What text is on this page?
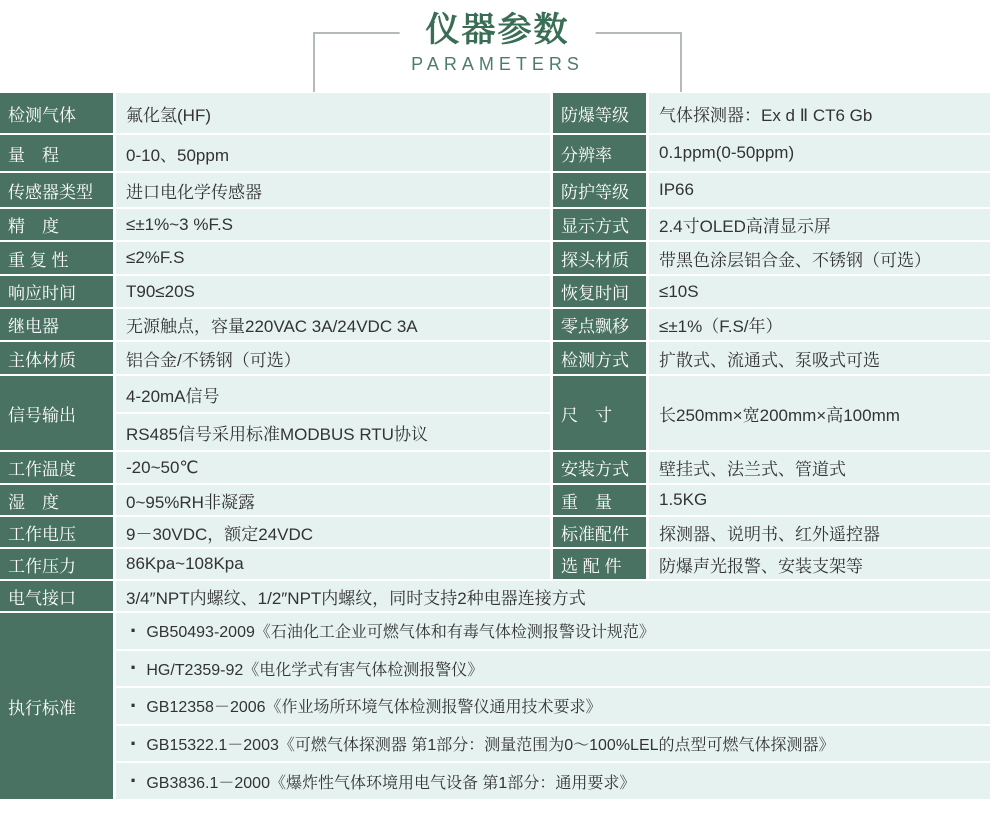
仪器参数
PARAMETERS
检测气体
量　程
传感器类型
精　度
重 复 性
响应时间
继电器
主体材质
氟化氢(HF)
0-10、50ppm
进口电化学传感器
≤±1%~3 %F.S
≤2%F.S
T90≤20S
无源触点，容量220VAC 3A/24VDC 3A
铝合金/不锈钢（可选）
信号输出
4-20mA信号
RS485信号采用标准MODBUS RTU协议
工作温度
湿　度
工作电压
工作压力
-20~50℃
0~95%RH非凝露
9－30VDC，额定24VDC
86Kpa~108Kpa
防爆等级
分辨率
防护等级
显示方式
探头材质
恢复时间
零点飘移
检测方式
气体探测器：Ex d Ⅱ CT6 Gb
0.1ppm(0-50ppm)
IP66
2.4寸OLED高清显示屏
带黑色涂层铝合金、不锈钢（可选）
≤10S
≤±1%（F.S/年）
扩散式、流通式、泵吸式可选
尺　寸	长250mm×宽200mm×高100mm
安装方式
重　量
标准配件
选 配 件
壁挂式、法兰式、管道式
1.5KG
探测器、说明书、红外遥控器
防爆声光报警、安装支架等
电气接口	3/4″NPT内螺纹、1/2″NPT内螺纹，同时支持2种电器连接方式
执行标准
· GB50493-2009《石油化工企业可燃气体和有毒气体检测报警设计规范》
· HG/T2359-92《电化学式有害气体检测报警仪》
· GB12358－2006《作业场所环境气体检测报警仪通用技术要求》
· GB15322.1－2003《可燃气体探测器 第1部分：测量范围为0～100%LEL的点型可燃气体探测器》
· GB3836.1－2000《爆炸性气体环境用电气设备 第1部分：通用要求》
